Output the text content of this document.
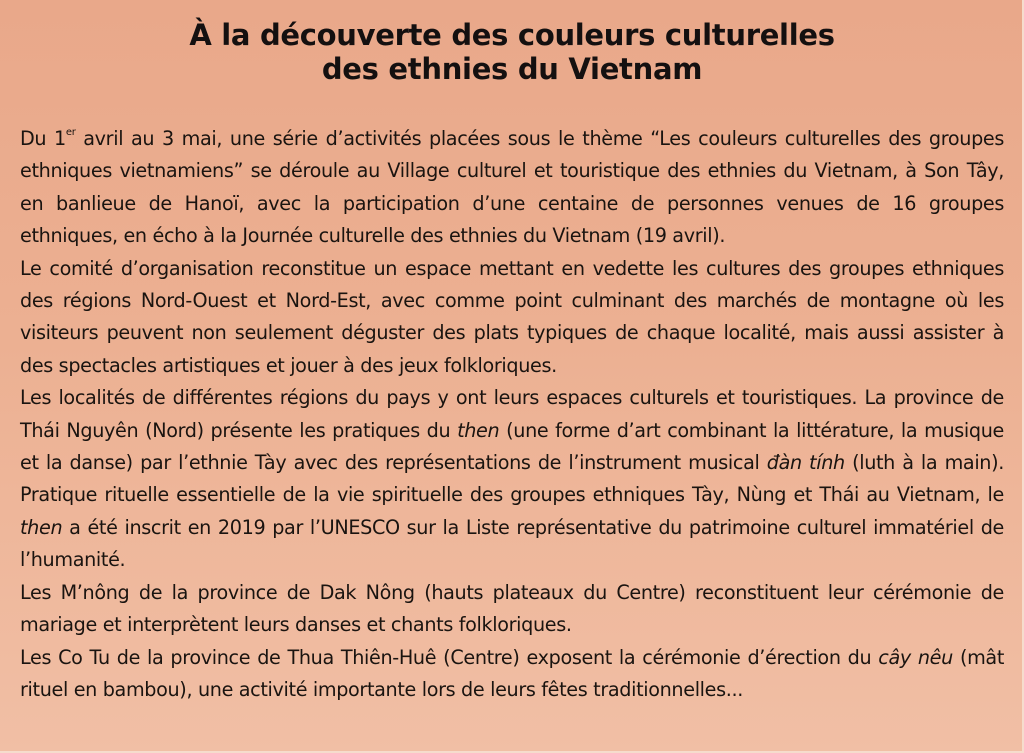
À la découverte des couleurs culturelles
des ethnies du Vietnam

Du 1er avril au 3 mai, une série d’activités placées sous le thème “Les couleurs culturelles des groupes ethniques vietnamiens” se déroule au Village culturel et touristique des ethnies du Vietnam, à Son Tây, en banlieue de Hanoï, avec la participation d’une centaine de personnes venues de 16 groupes ethniques, en écho à la Journée culturelle des ethnies du Vietnam (19 avril).

Le comité d’organisation reconstitue un espace mettant en vedette les cultures des groupes ethniques des régions Nord-Ouest et Nord-Est, avec comme point culminant des marchés de montagne où les visiteurs peuvent non seulement déguster des plats typiques de chaque localité, mais aussi assister à des spectacles artistiques et jouer à des jeux folkloriques.

Les localités de différentes régions du pays y ont leurs espaces culturels et touristiques. La province de Thái Nguyên (Nord) présente les pratiques du then (une forme d’art combinant la littérature, la musique et la danse) par l’ethnie Tày avec des représentations de l’instrument musical đàn tính (luth à la main). Pratique rituelle essentielle de la vie spirituelle des groupes ethniques Tày, Nùng et Thái au Vietnam, le then a été inscrit en 2019 par l’UNESCO sur la Liste représentative du patrimoine culturel immatériel de l’humanité.

Les M’nông de la province de Dak Nông (hauts plateaux du Centre) reconstituent leur cérémonie de mariage et interprètent leurs danses et chants folkloriques.

Les Co Tu de la province de Thua Thiên-Huê (Centre) exposent la cérémonie d’érection du cây nêu (mât rituel en bambou), une activité importante lors de leurs fêtes traditionnelles...
